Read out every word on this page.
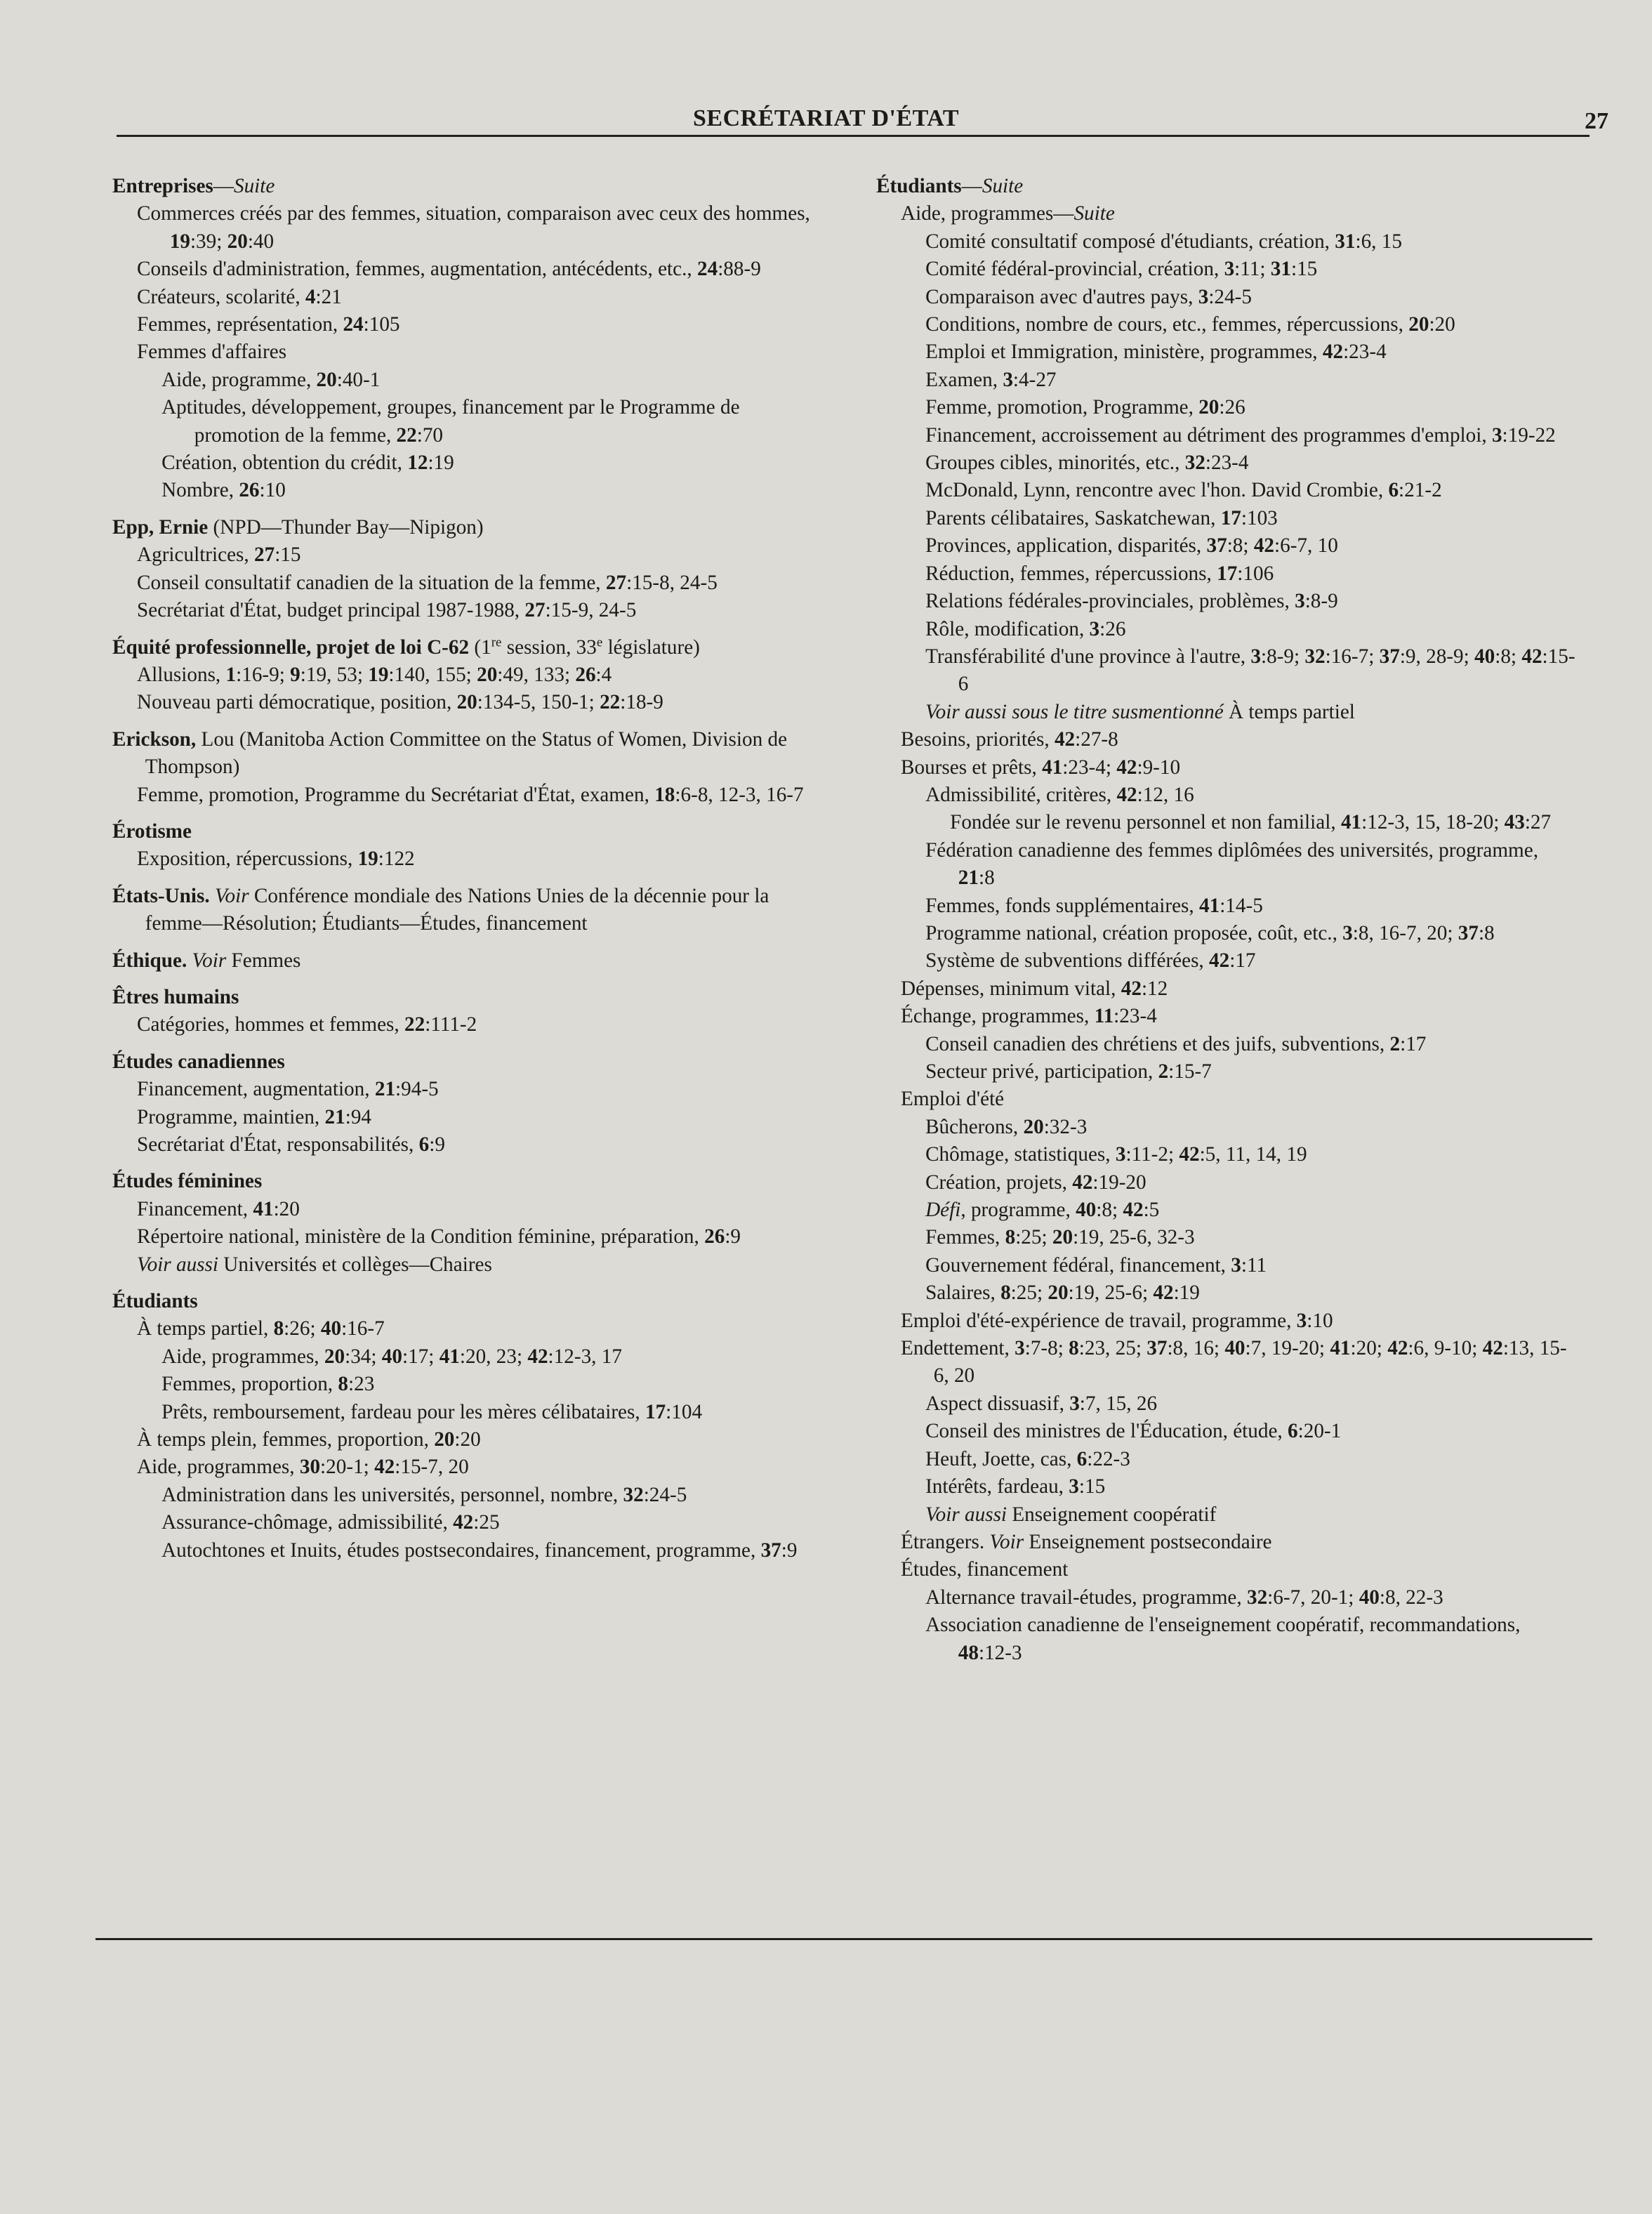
SECRÉTARIAT D'ÉTAT	27
Entreprises—Suite
Commerces créés par des femmes, situation, comparaison avec ceux des hommes, 19:39; 20:40
Conseils d'administration, femmes, augmentation, antécédents, etc., 24:88-9
Créateurs, scolarité, 4:21
Femmes, représentation, 24:105
Femmes d'affaires
Aide, programme, 20:40-1
Aptitudes, développement, groupes, financement par le Programme de promotion de la femme, 22:70
Création, obtention du crédit, 12:19
Nombre, 26:10
Epp, Ernie (NPD—Thunder Bay—Nipigon)
Agricultrices, 27:15
Conseil consultatif canadien de la situation de la femme, 27:15-8, 24-5
Secrétariat d'État, budget principal 1987-1988, 27:15-9, 24-5
Équité professionnelle, projet de loi C-62 (1re session, 33e législature)
Allusions, 1:16-9; 9:19, 53; 19:140, 155; 20:49, 133; 26:4
Nouveau parti démocratique, position, 20:134-5, 150-1; 22:18-9
Erickson, Lou (Manitoba Action Committee on the Status of Women, Division de Thompson)
Femme, promotion, Programme du Secrétariat d'État, examen, 18:6-8, 12-3, 16-7
Érotisme
Exposition, répercussions, 19:122
États-Unis. Voir Conférence mondiale des Nations Unies de la décennie pour la femme—Résolution; Étudiants—Études, financement
Éthique. Voir Femmes
Êtres humains
Catégories, hommes et femmes, 22:111-2
Études canadiennes
Financement, augmentation, 21:94-5
Programme, maintien, 21:94
Secrétariat d'État, responsabilités, 6:9
Études féminines
Financement, 41:20
Répertoire national, ministère de la Condition féminine, préparation, 26:9
Voir aussi Universités et collèges—Chaires
Étudiants
À temps partiel, 8:26; 40:16-7
Aide, programmes, 20:34; 40:17; 41:20, 23; 42:12-3, 17
Femmes, proportion, 8:23
Prêts, remboursement, fardeau pour les mères célibataires, 17:104
À temps plein, femmes, proportion, 20:20
Aide, programmes, 30:20-1; 42:15-7, 20
Administration dans les universités, personnel, nombre, 32:24-5
Assurance-chômage, admissibilité, 42:25
Autochtones et Inuits, études postsecondaires, financement, programme, 37:9
Étudiants—Suite
Aide, programmes—Suite
Comité consultatif composé d'étudiants, création, 31:6, 15
Comité fédéral-provincial, création, 3:11; 31:15
Comparaison avec d'autres pays, 3:24-5
Conditions, nombre de cours, etc., femmes, répercussions, 20:20
Emploi et Immigration, ministère, programmes, 42:23-4
Examen, 3:4-27
Femme, promotion, Programme, 20:26
Financement, accroissement au détriment des programmes d'emploi, 3:19-22
Groupes cibles, minorités, etc., 32:23-4
McDonald, Lynn, rencontre avec l'hon. David Crombie, 6:21-2
Parents célibataires, Saskatchewan, 17:103
Provinces, application, disparités, 37:8; 42:6-7, 10
Réduction, femmes, répercussions, 17:106
Relations fédérales-provinciales, problèmes, 3:8-9
Rôle, modification, 3:26
Transférabilité d'une province à l'autre, 3:8-9; 32:16-7; 37:9, 28-9; 40:8; 42:15-6
Voir aussi sous le titre susmentionné À temps partiel
Besoins, priorités, 42:27-8
Bourses et prêts, 41:23-4; 42:9-10
Admissibilité, critères, 42:12, 16
Fondée sur le revenu personnel et non familial, 41:12-3, 15, 18-20; 43:27
Fédération canadienne des femmes diplômées des universités, programme, 21:8
Femmes, fonds supplémentaires, 41:14-5
Programme national, création proposée, coût, etc., 3:8, 16-7, 20; 37:8
Système de subventions différées, 42:17
Dépenses, minimum vital, 42:12
Échange, programmes, 11:23-4
Conseil canadien des chrétiens et des juifs, subventions, 2:17
Secteur privé, participation, 2:15-7
Emploi d'été
Bûcherons, 20:32-3
Chômage, statistiques, 3:11-2; 42:5, 11, 14, 19
Création, projets, 42:19-20
Défi, programme, 40:8; 42:5
Femmes, 8:25; 20:19, 25-6, 32-3
Gouvernement fédéral, financement, 3:11
Salaires, 8:25; 20:19, 25-6; 42:19
Emploi d'été-expérience de travail, programme, 3:10
Endettement, 3:7-8; 8:23, 25; 37:8, 16; 40:7, 19-20; 41:20; 42:6, 9-10; 42:13, 15-6, 20
Aspect dissuasif, 3:7, 15, 26
Conseil des ministres de l'Éducation, étude, 6:20-1
Heuft, Joette, cas, 6:22-3
Intérêts, fardeau, 3:15
Voir aussi Enseignement coopératif
Étrangers. Voir Enseignement postsecondaire
Études, financement
Alternance travail-études, programme, 32:6-7, 20-1; 40:8, 22-3
Association canadienne de l'enseignement coopératif, recommandations, 48:12-3
